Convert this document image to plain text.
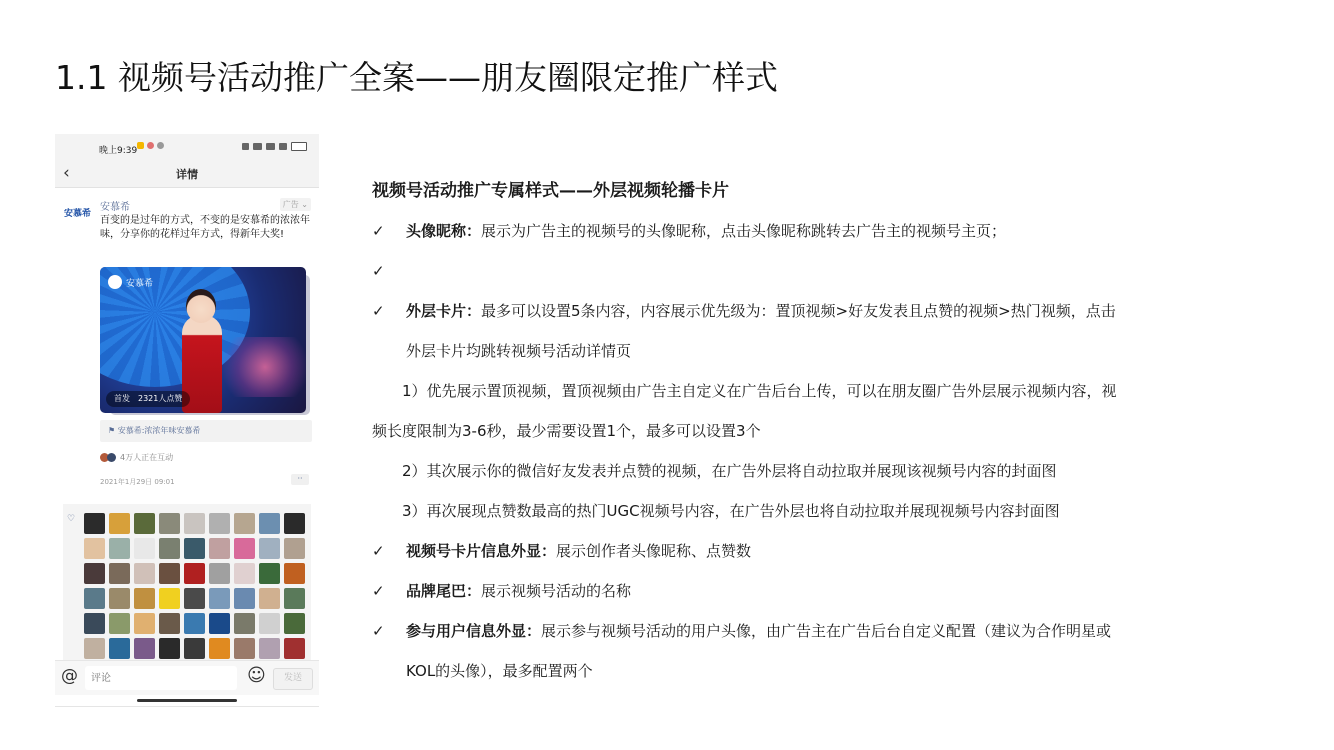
1.1 视频号活动推广全案——朋友圈限定推广样式
晚上9:39
‹	详情
安慕希
安慕希	广告 ⌄
百变的是过年的方式，不变的是安慕希的浓浓年味，分享你的花样过年方式，得新年大奖!
安慕希
首发 2321人点赞
⚑ 安慕希:浓浓年味安慕希
4万人正在互动
2021年1月29日 09:01	··
♡
@
评论	☺	发送
视频号活动推广专属样式——外层视频轮播卡片
✓ 头像昵称：展示为广告主的视频号的头像昵称，点击头像昵称跳转去广告主的视频号主页；
✓
✓ 外层卡片：最多可以设置5条内容，内容展示优先级为：置顶视频>好友发表且点赞的视频>热门视频，点击
外层卡片均跳转视频号活动详情页
1）优先展示置顶视频，置顶视频由广告主自定义在广告后台上传，可以在朋友圈广告外层展示视频内容，视
频长度限制为3-6秒，最少需要设置1个，最多可以设置3个
2）其次展示你的微信好友发表并点赞的视频，在广告外层将自动拉取并展现该视频号内容的封面图
3）再次展现点赞数最高的热门UGC视频号内容，在广告外层也将自动拉取并展现视频号内容封面图
✓ 视频号卡片信息外显：展示创作者头像昵称、点赞数
✓ 品牌尾巴：展示视频号活动的名称
✓ 参与用户信息外显：展示参与视频号活动的用户头像，由广告主在广告后台自定义配置（建议为合作明星或
KOL的头像），最多配置两个
